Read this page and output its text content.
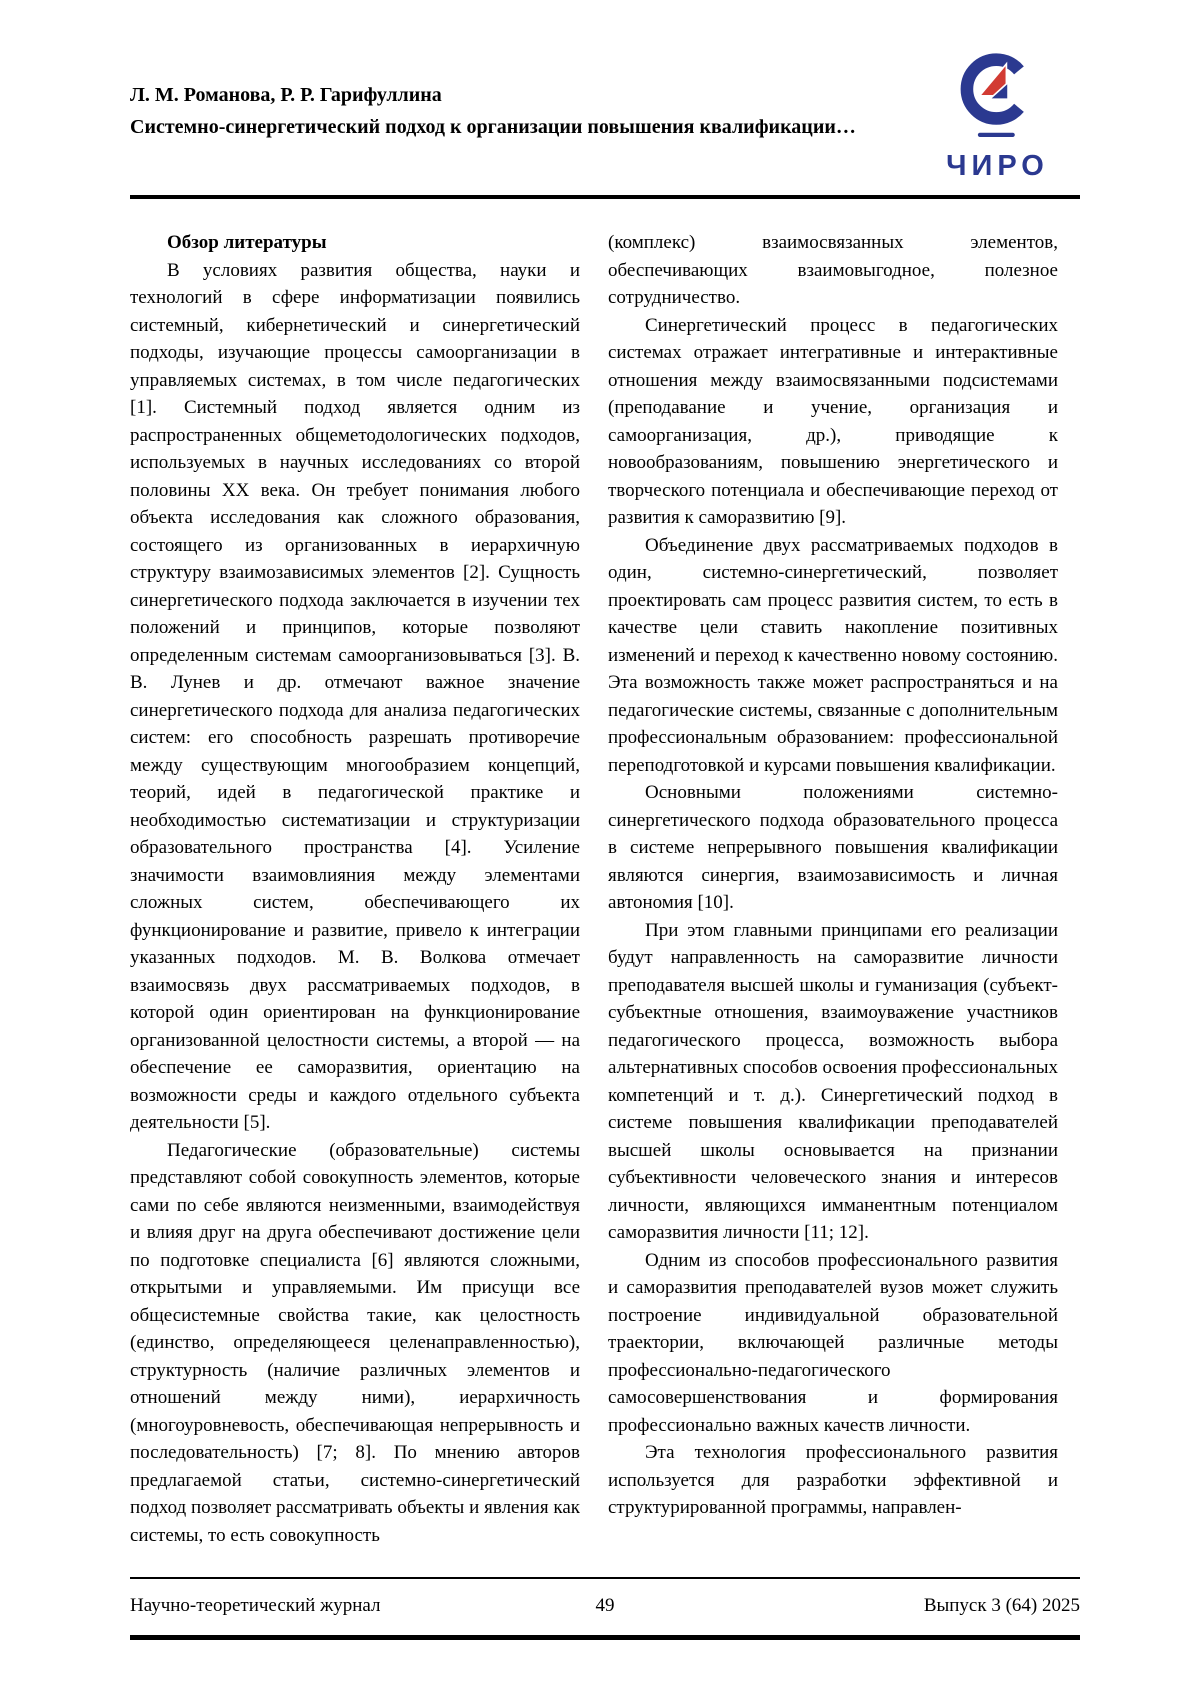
Л. М. Романова, Р. Р. Гарифуллина
Системно-синергетический подход к организации повышения квалификации…
ЧИРО
Обзор литературы

В условиях развития общества, науки и технологий в сфере информатизации появились системный, кибернетический и синергетический подходы, изучающие процессы самоорганизации в управляемых системах, в том числе педагогических [1]. Системный подход является одним из распространенных общеметодологических подходов, используемых в научных исследованиях со второй половины XX века. Он требует понимания любого объекта исследования как сложного образования, состоящего из организованных в иерархичную структуру взаимозависимых элементов [2]. Сущность синергетического подхода заключается в изучении тех положений и принципов, которые позволяют определенным системам самоорганизовываться [3]. В. В. Лунев и др. отмечают важное значение синергетического подхода для анализа педагогических систем: его способность разрешать противоречие между существующим многообразием концепций, теорий, идей в педагогической практике и необходимостью систематизации и структуризации образовательного пространства [4]. Усиление значимости взаимовлияния между элементами сложных систем, обеспечивающего их функционирование и развитие, привело к интеграции указанных подходов. М. В. Волкова отмечает взаимосвязь двух рассматриваемых подходов, в которой один ориентирован на функционирование организованной целостности системы, а второй — на обеспечение ее саморазвития, ориентацию на возможности среды и каждого отдельного субъекта деятельности [5].

Педагогические (образовательные) системы представляют собой совокупность элементов, которые сами по себе являются неизменными, взаимодействуя и влияя друг на друга обеспечивают достижение цели по подготовке специалиста [6] являются сложными, открытыми и управляемыми. Им присущи все общесистемные свойства такие, как целостность (единство, определяющееся целенаправленностью), структурность (наличие различных элементов и отношений между ними), иерархичность (многоуровневость, обеспечивающая непрерывность и последовательность) [7; 8]. По мнению авторов предлагаемой статьи, системно-синергетический подход позволяет рассматривать объекты и явления как системы, то есть совокупность

(комплекс) взаимосвязанных элементов, обеспечивающих взаимовыгодное, полезное сотрудничество.

Синергетический процесс в педагогических системах отражает интегративные и интерактивные отношения между взаимосвязанными подсистемами (преподавание и учение, организация и самоорганизация, др.), приводящие к новообразованиям, повышению энергетического и творческого потенциала и обеспечивающие переход от развития к саморазвитию [9].

Объединение двух рассматриваемых подходов в один, системно-синергетический, позволяет проектировать сам процесс развития систем, то есть в качестве цели ставить накопление позитивных изменений и переход к качественно новому состоянию. Эта возможность также может распространяться и на педагогические системы, связанные с дополнительным профессиональным образованием: профессиональной переподготовкой и курсами повышения квалификации.

Основными положениями системно-синергетического подхода образовательного процесса в системе непрерывного повышения квалификации являются синергия, взаимозависимость и личная автономия [10].

При этом главными принципами его реализации будут направленность на саморазвитие личности преподавателя высшей школы и гуманизация (субъект-субъектные отношения, взаимоуважение участников педагогического процесса, возможность выбора альтернативных способов освоения профессиональных компетенций и т. д.). Синергетический подход в системе повышения квалификации преподавателей высшей школы основывается на признании субъективности человеческого знания и интересов личности, являющихся имманентным потенциалом саморазвития личности [11; 12].

Одним из способов профессионального развития и саморазвития преподавателей вузов может служить построение индивидуальной образовательной траектории, включающей различные методы профессионально-педагогического самосовершенствования и формирования профессионально важных качеств личности.

Эта технология профессионального развития используется для разработки эффективной и структурированной программы, направлен-

Научно-теоретический журнал	49	Выпуск 3 (64) 2025
